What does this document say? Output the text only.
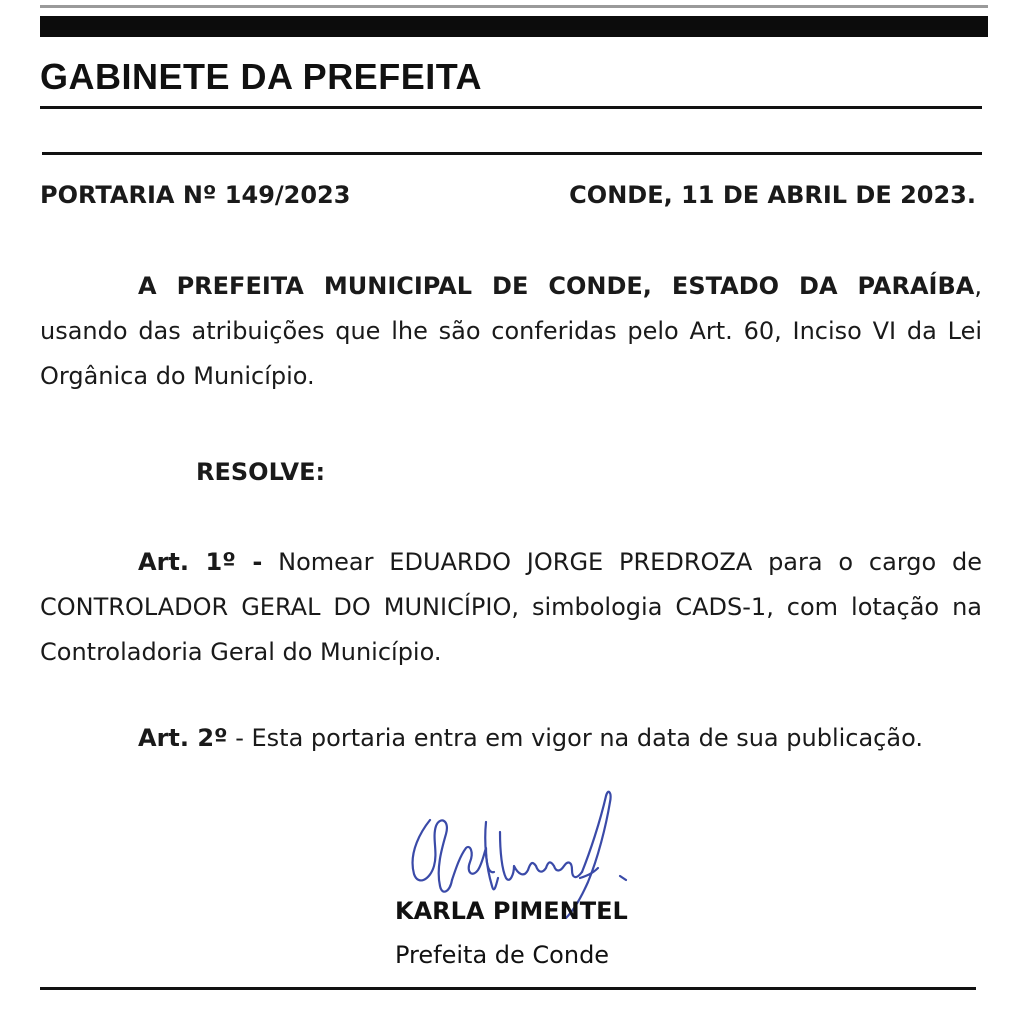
GABINETE DA PREFEITA
PORTARIA Nº 149/2023	CONDE, 11 DE ABRIL DE 2023.
A PREFEITA MUNICIPAL DE CONDE, ESTADO DA PARAÍBA, usando das atribuições que lhe são conferidas pelo Art. 60, Inciso VI da Lei Orgânica do Município.
RESOLVE:
Art. 1º - Nomear EDUARDO JORGE PREDROZA para o cargo de CONTROLADOR GERAL DO MUNICÍPIO, simbologia CADS-1, com lotação na Controladoria Geral do Município.
Art. 2º - Esta portaria entra em vigor na data de sua publicação.
KARLA PIMENTEL
Prefeita de Conde
